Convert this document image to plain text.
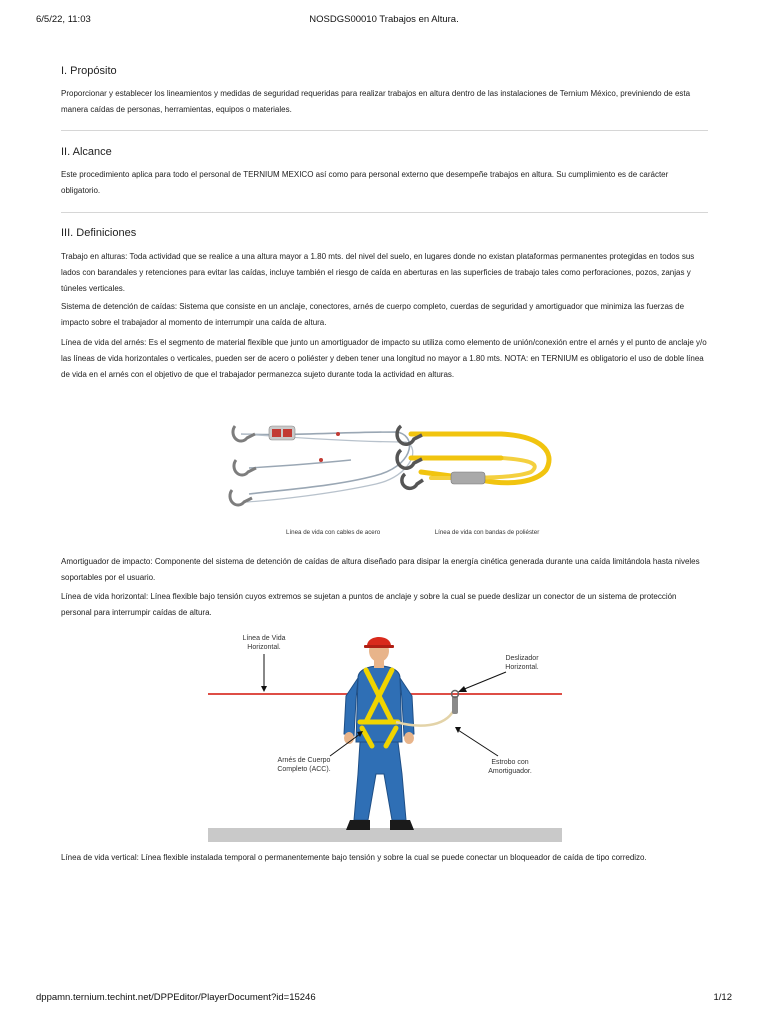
6/5/22, 11:03	NOSDGS00010 Trabajos en Altura.
I. Propósito
Proporcionar y establecer los lineamientos y medidas de seguridad requeridas para realizar trabajos en altura dentro de las instalaciones de Ternium México, previniendo de esta manera caídas de personas, herramientas, equipos o materiales.
II. Alcance
Este procedimiento aplica para todo el personal de TERNIUM MEXICO así como para personal externo que desempeñe trabajos en altura. Su cumplimiento es de carácter obligatorio.
III. Definiciones
Trabajo en alturas: Toda actividad que se realice a una altura mayor a 1.80 mts. del nivel del suelo, en lugares donde no existan plataformas permanentes protegidas en todos sus lados con barandales y retenciones para evitar las caídas, incluye también el riesgo de caída en aberturas en las superficies de trabajo tales como perforaciones, pozos, zanjas y túneles verticales.
Sistema de detención de caídas: Sistema que consiste en un anclaje, conectores, arnés de cuerpo completo, cuerdas de seguridad y amortiguador que minimiza las fuerzas de impacto sobre el trabajador al momento de interrumpir una caída de altura.
Línea de vida del arnés: Es el segmento de material flexible que junto un amortiguador de impacto su utiliza como elemento de unión/conexión entre el arnés y el punto de anclaje y/o las líneas de vida horizontales o verticales, pueden ser de acero o poliéster y deben tener una longitud no mayor a 1.80 mts. NOTA: en TERNIUM es obligatorio el uso de doble línea de vida en el arnés con el objetivo de que el trabajador permanezca sujeto durante toda la actividad en alturas.
Línea de vida con cables de acero	Línea de vida con bandas de poliéster
Amortiguador de impacto: Componente del sistema de detención de caídas de altura diseñado para disipar la energía cinética generada durante una caída limitándola hasta niveles soportables por el usuario.
Línea de vida horizontal: Línea flexible bajo tensión cuyos extremos se sujetan a puntos de anclaje y sobre la cual se puede deslizar un conector de un sistema de protección personal para interrumpir caídas de altura.
Línea de Vida
Horizontal.
Deslizador
Horizontal.
Arnés de Cuerpo
Completo (ACC).
Estrobo con
Amortiguador.
Línea de vida vertical: Línea flexible instalada temporal o permanentemente bajo tensión y sobre la cual se puede conectar un bloqueador de caída de tipo corredizo.
dppamn.ternium.techint.net/DPPEditor/PlayerDocument?id=15246	1/12
